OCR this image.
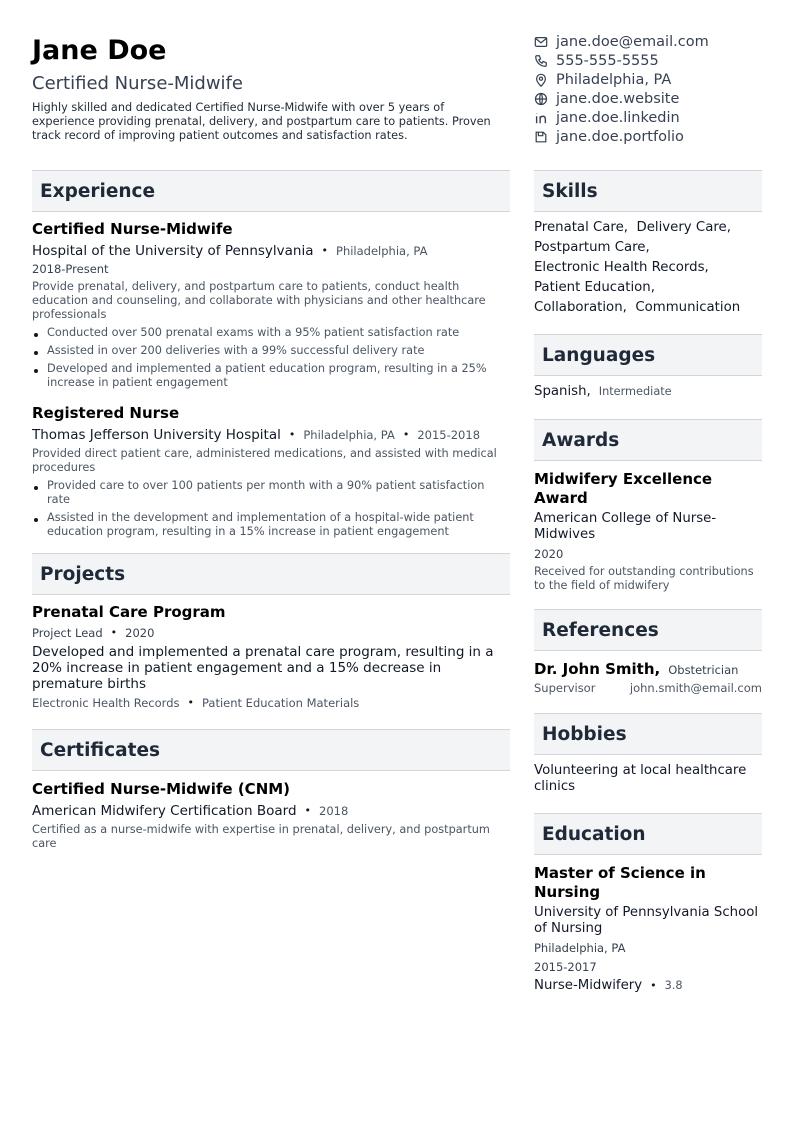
Jane Doe
Certified Nurse-Midwife
Highly skilled and dedicated Certified Nurse-Midwife with over 5 years of experience providing prenatal, delivery, and postpartum care to patients. Proven track record of improving patient outcomes and satisfaction rates.
jane.doe@email.com
555-555-5555
Philadelphia, PA
jane.doe.website
jane.doe.linkedin
jane.doe.portfolio
Experience
Certified Nurse-Midwife
Hospital of the University of Pennsylvania • Philadelphia, PA
2018-Present
Provide prenatal, delivery, and postpartum care to patients, conduct health education and counseling, and collaborate with physicians and other healthcare professionals
Conducted over 500 prenatal exams with a 95% patient satisfaction rate
Assisted in over 200 deliveries with a 99% successful delivery rate
Developed and implemented a patient education program, resulting in a 25% increase in patient engagement
Registered Nurse
Thomas Jefferson University Hospital • Philadelphia, PA • 2015-2018
Provided direct patient care, administered medications, and assisted with medical procedures
Provided care to over 100 patients per month with a 90% patient satisfaction rate
Assisted in the development and implementation of a hospital-wide patient education program, resulting in a 15% increase in patient engagement
Projects
Prenatal Care Program
Project Lead • 2020
Developed and implemented a prenatal care program, resulting in a 20% increase in patient engagement and a 15% decrease in premature births
Electronic Health Records • Patient Education Materials
Certificates
Certified Nurse-Midwife (CNM)
American Midwifery Certification Board • 2018
Certified as a nurse-midwife with expertise in prenatal, delivery, and postpartum care
Skills
Prenatal Care, Delivery Care,
Postpartum Care,
Electronic Health Records,
Patient Education,
Collaboration, Communication
Languages
Spanish, Intermediate
Awards
Midwifery Excellence Award
American College of Nurse-Midwives
2020
Received for outstanding contributions to the field of midwifery
References
Dr. John Smith, Obstetrician
Supervisor	john.smith@email.com
Hobbies
Volunteering at local healthcare clinics
Education
Master of Science in Nursing
University of Pennsylvania School of Nursing
Philadelphia, PA
2015-2017
Nurse-Midwifery • 3.8
